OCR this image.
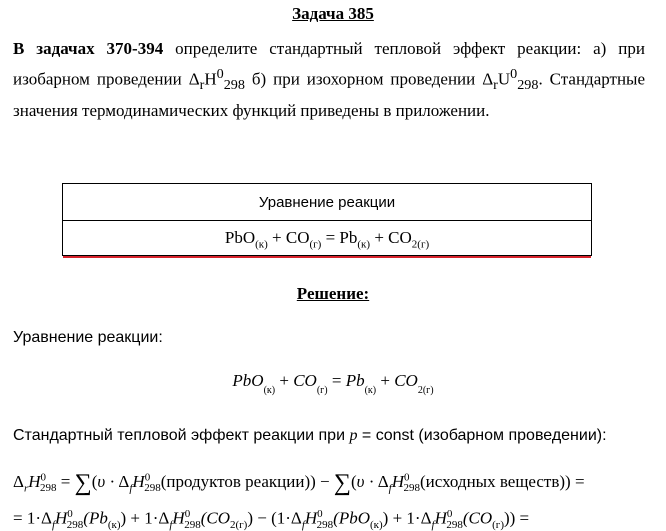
Задача 385
В задачах 370-394 определите стандартный тепловой эффект реакции: а) при изобарном проведении $\Delta_rH^0_{298}$ б) при изохорном проведении $\Delta_rU^0_{298}$. Стандартные значения термодинамических функций приведены в приложении.
Уравнение реакции
$PbO_{(к)} + CO_{(г)} = Pb_{(к)} + CO_{2(г)}$
Решение:
Уравнение реакции:
$PbO_{(к)} + CO_{(г)} = Pb_{(к)} + CO_{2(г)}$
Стандартный тепловой эффект реакции при p = const (изобарном проведении):
$\Delta_rH^0_{298} = \sum(\upsilon$ · $\Delta_fH^0_{298}(продуктов$ реакции)) − $\sum(\upsilon \cdot \Delta_fH^0_{298}(исходных$ веществ)) =
= $1\cdot\Delta_fH^0_{298}(Pb_{(к)}) + 1\cdot\Delta_fH^0_{298}(CO_{2(г)}) - (1\cdot\Delta_fH^0_{298}(PbO_{(к)}) + 1\cdot\Delta_fH^0_{298}(CO_{(г)}))$ =
